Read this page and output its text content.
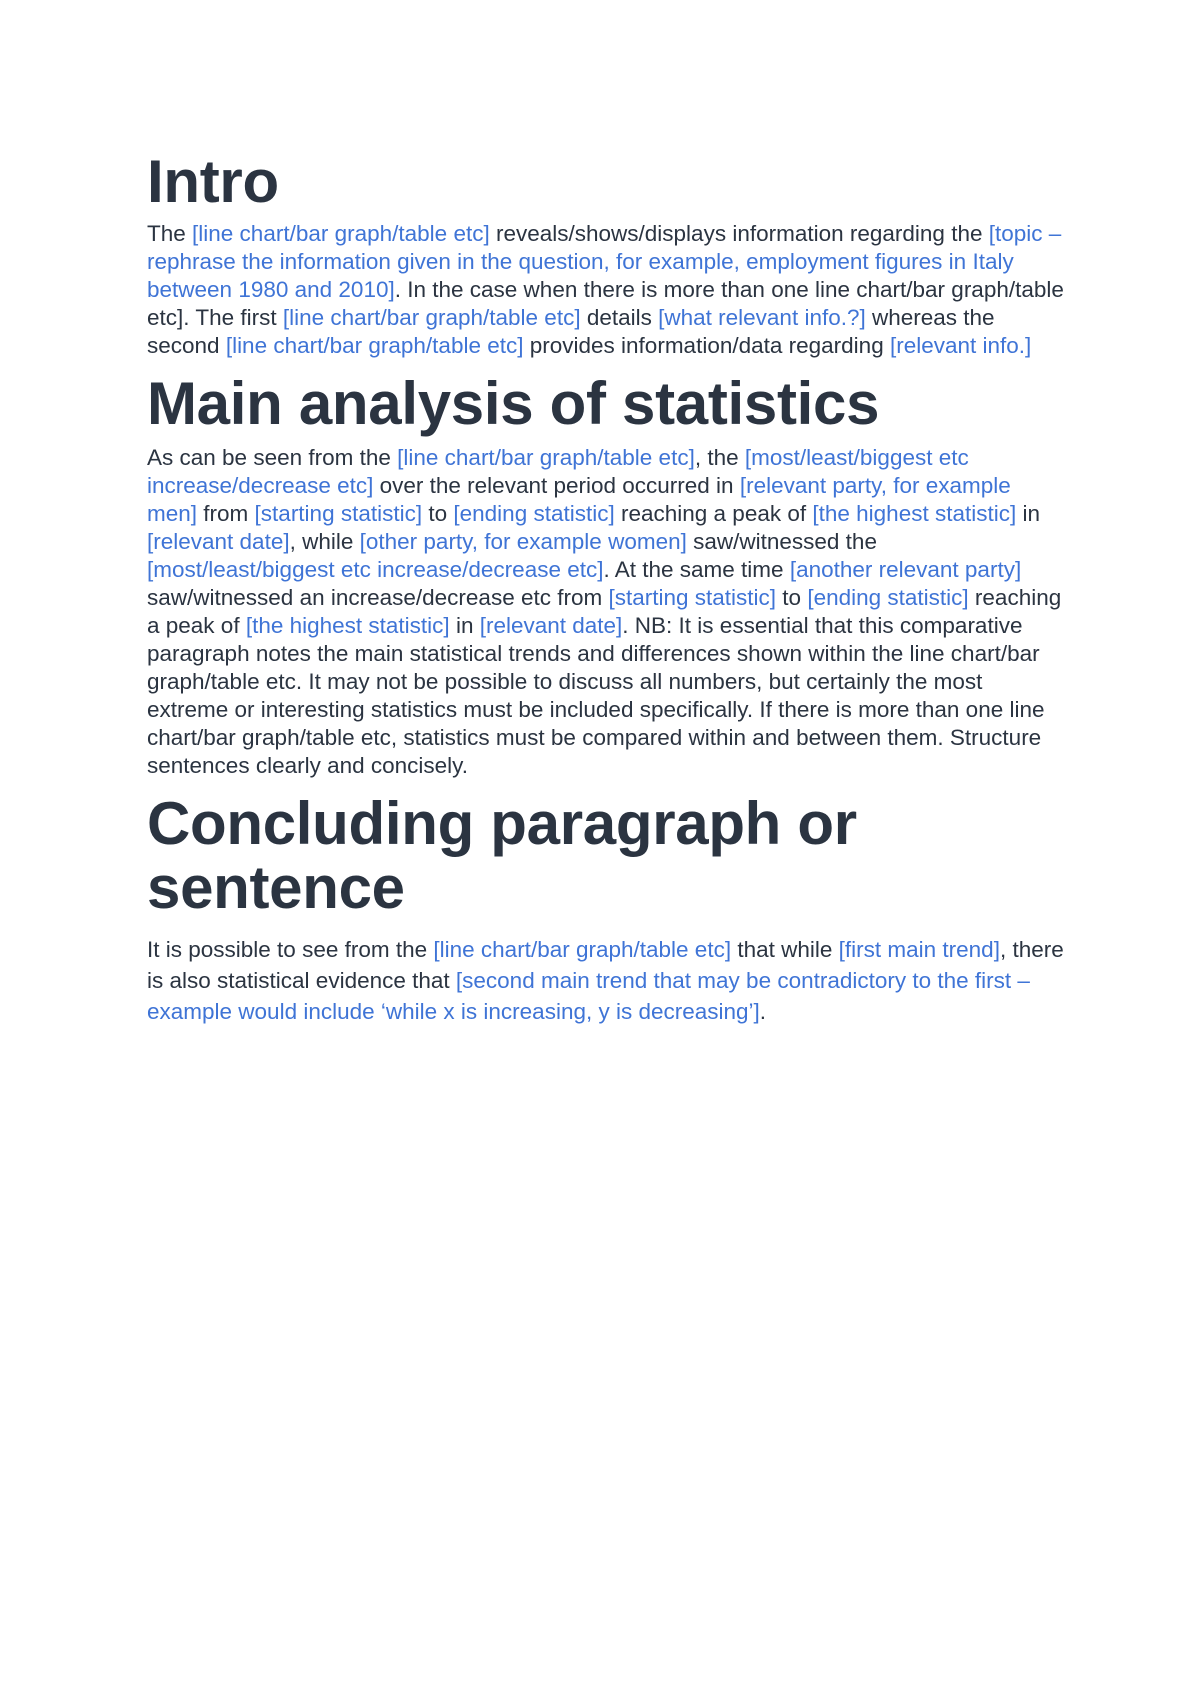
Intro

The [line chart/bar graph/table etc] reveals/shows/displays information regarding the [topic – rephrase the information given in the question, for example, employment figures in Italy between 1980 and 2010]. In the case when there is more than one line chart/bar graph/table etc]. The first [line chart/bar graph/table etc] details [what relevant info.?] whereas the second [line chart/bar graph/table etc] provides information/data regarding [relevant info.]

Main analysis of statistics

As can be seen from the [line chart/bar graph/table etc], the [most/least/biggest etc increase/decrease etc] over the relevant period occurred in [relevant party, for example men] from [starting statistic] to [ending statistic] reaching a peak of [the highest statistic] in [relevant date], while [other party, for example women] saw/witnessed the [most/least/biggest etc increase/decrease etc]. At the same time [another relevant party] saw/witnessed an increase/decrease etc from [starting statistic] to [ending statistic] reaching a peak of [the highest statistic] in [relevant date]. NB: It is essential that this comparative paragraph notes the main statistical trends and differences shown within the line chart/bar graph/table etc. It may not be possible to discuss all numbers, but certainly the most extreme or interesting statistics must be included specifically. If there is more than one line chart/bar graph/table etc, statistics must be compared within and between them. Structure sentences clearly and concisely.

Concluding paragraph or sentence

It is possible to see from the [line chart/bar graph/table etc] that while [first main trend], there is also statistical evidence that [second main trend that may be contradictory to the first – example would include ‘while x is increasing, y is decreasing’].
